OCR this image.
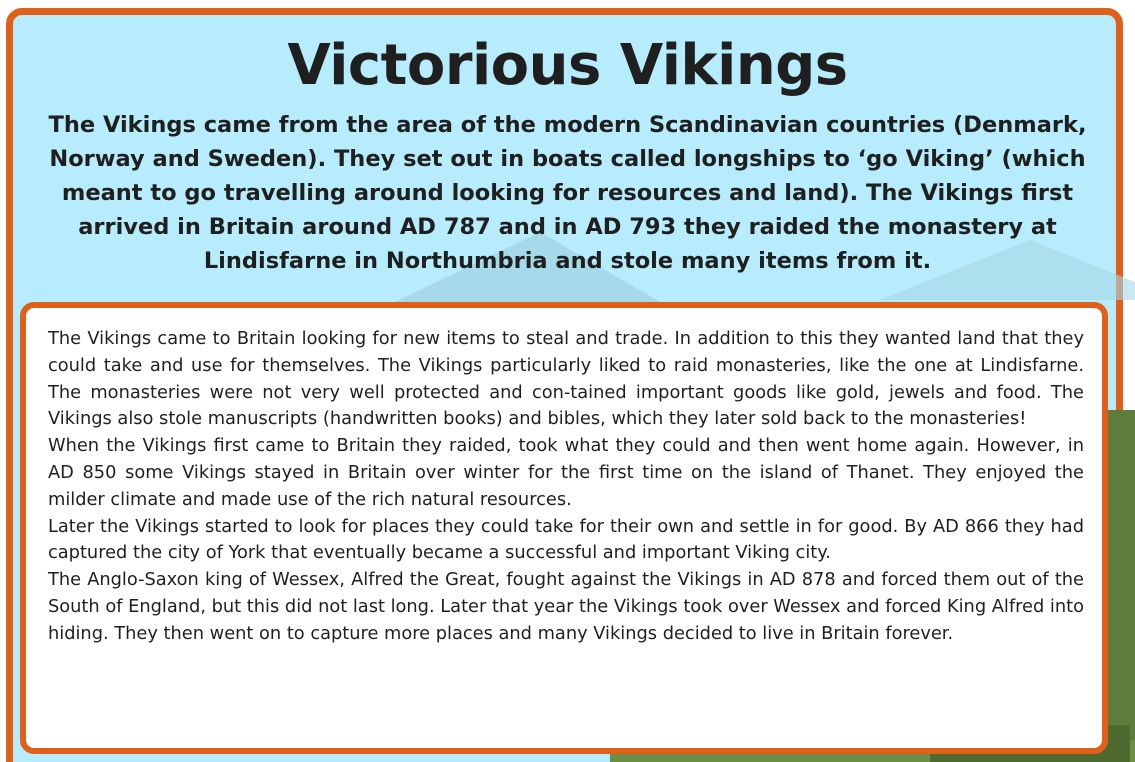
Victorious Vikings

The Vikings came from the area of the modern Scandinavian countries (Denmark, Norway and Sweden). They set out in boats called longships to ‘go Viking’ (which meant to go travelling around looking for resources and land). The Vikings first arrived in Britain around AD 787 and in AD 793 they raided the monastery at Lindisfarne in Northumbria and stole many items from it.

The Vikings came to Britain looking for new items to steal and trade. In addition to this they wanted land that they could take and use for themselves. The Vikings particularly liked to raid monasteries, like the one at Lindisfarne. The monasteries were not very well protected and con-tained important goods like gold, jewels and food. The Vikings also stole manuscripts (handwritten books) and bibles, which they later sold back to the monasteries!

When the Vikings first came to Britain they raided, took what they could and then went home again. However, in AD 850 some Vikings stayed in Britain over winter for the first time on the island of Thanet. They enjoyed the milder climate and made use of the rich natural resources.

Later the Vikings started to look for places they could take for their own and settle in for good. By AD 866 they had captured the city of York that eventually became a successful and important Viking city.

The Anglo-Saxon king of Wessex, Alfred the Great, fought against the Vikings in AD 878 and forced them out of the South of England, but this did not last long. Later that year the Vikings took over Wessex and forced King Alfred into hiding. They then went on to capture more places and many Vikings decided to live in Britain forever.
